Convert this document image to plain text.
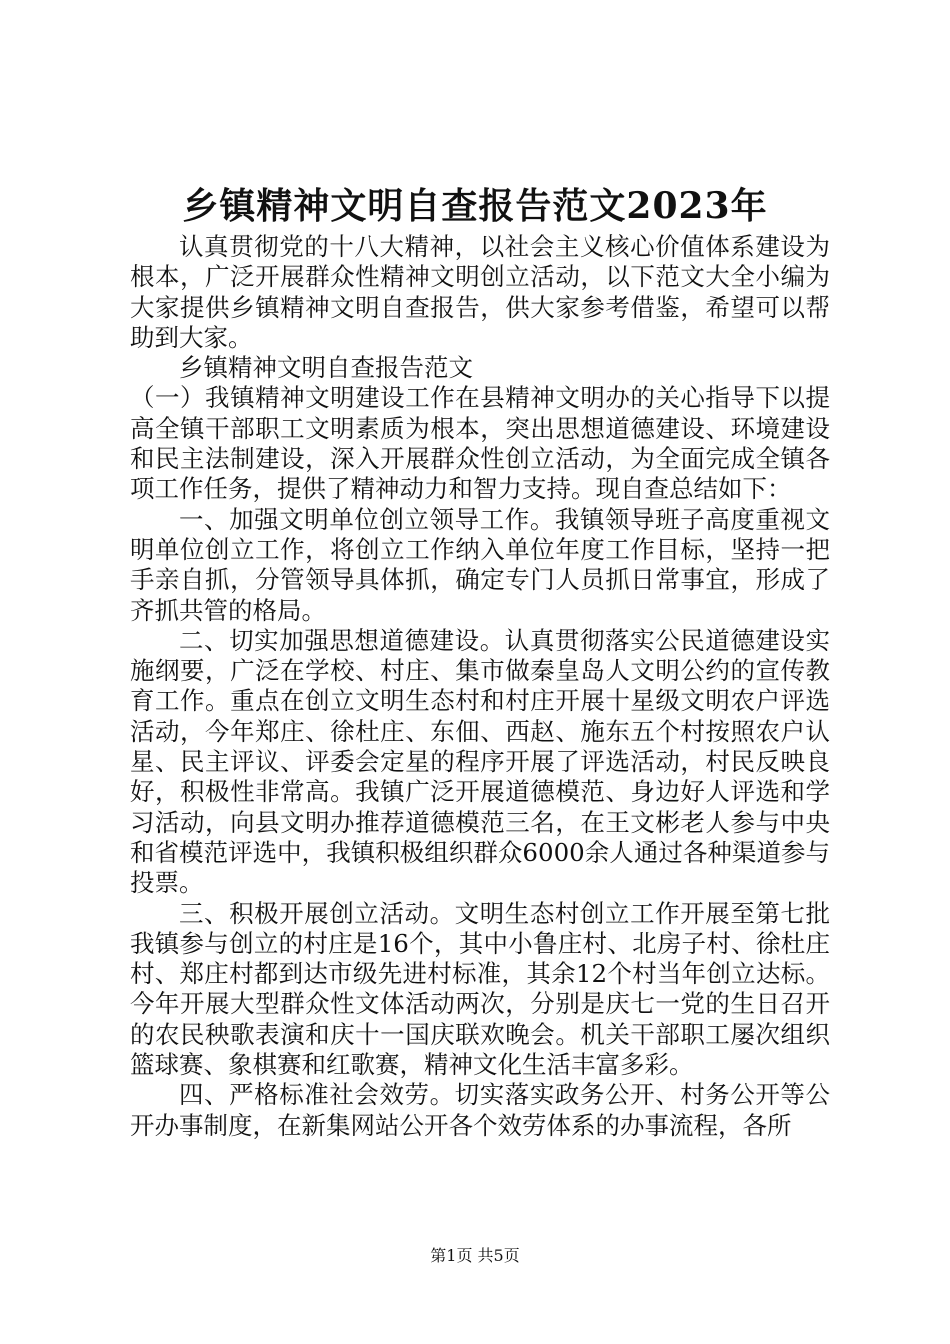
乡镇精神文明自查报告范文2023年

认真贯彻党的十八大精神，以社会主义核心价值体系建设为根本，广泛开展群众性精神文明创立活动，以下范文大全小编为大家提供乡镇精神文明自查报告，供大家参考借鉴，希望可以帮助到大家。

乡镇精神文明自查报告范文

（一）我镇精神文明建设工作在县精神文明办的关心指导下以提高全镇干部职工文明素质为根本，突出思想道德建设、环境建设和民主法制建设，深入开展群众性创立活动，为全面完成全镇各项工作任务，提供了精神动力和智力支持。现自查总结如下：

一、加强文明单位创立领导工作。我镇领导班子高度重视文明单位创立工作，将创立工作纳入单位年度工作目标，坚持一把手亲自抓，分管领导具体抓，确定专门人员抓日常事宜，形成了齐抓共管的格局。

二、切实加强思想道德建设。认真贯彻落实公民道德建设实施纲要，广泛在学校、村庄、集市做秦皇岛人文明公约的宣传教育工作。重点在创立文明生态村和村庄开展十星级文明农户评选活动，今年郑庄、徐杜庄、东佃、西赵、施东五个村按照农户认星、民主评议、评委会定星的程序开展了评选活动，村民反映良好，积极性非常高。我镇广泛开展道德模范、身边好人评选和学习活动，向县文明办推荐道德模范三名，在王文彬老人参与中央和省模范评选中，我镇积极组织群众6000余人通过各种渠道参与投票。

三、积极开展创立活动。文明生态村创立工作开展至第七批我镇参与创立的村庄是16个，其中小鲁庄村、北房子村、徐杜庄村、郑庄村都到达市级先进村标准，其余12个村当年创立达标。今年开展大型群众性文体活动两次，分别是庆七一党的生日召开的农民秧歌表演和庆十一国庆联欢晚会。机关干部职工屡次组织篮球赛、象棋赛和红歌赛，精神文化生活丰富多彩。

四、严格标准社会效劳。切实落实政务公开、村务公开等公开办事制度，在新集网站公开各个效劳体系的办事流程，各所

第1页 共5页
